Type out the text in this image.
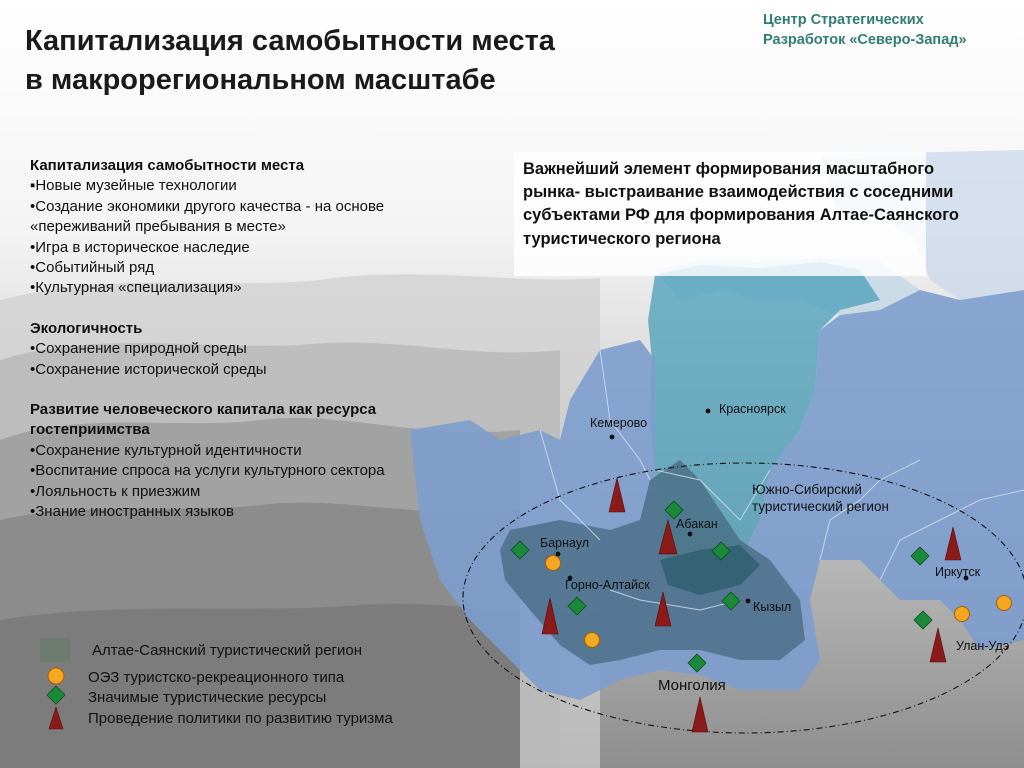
Красноярск
Кемерово
Абакан
Барнаул
Горно-Алтайск
Кызыл
Иркутск
Улан-Удэ
Южно-Сибирский
туристический регион
Монголия
Капитализация самобытности места
в макрорегиональном масштабе
Центр Стратегических
Разработок «Северо-Запад»
Капитализация самобытности места
▪Новые музейные технологии
•Создание экономики другого качества - на основе «переживаний пребывания в месте»
•Игра в историческое наследие
•Событийный ряд
•Культурная «специализация»
Экологичность
•Сохранение природной среды
•Сохранение исторической среды
Развитие человеческого капитала как ресурса гостеприимства
•Сохранение культурной идентичности
•Воспитание спроса на услуги культурного сектора
•Лояльность к приезжим
•Знание иностранных языков
Важнейший элемент формирования масштабного рынка- выстраивание взаимодействия с соседними субъектами РФ для формирования Алтае-Саянского туристического региона
Алтае-Саянский туристический регион
ОЭЗ туристско-рекреационного типа
Значимые туристические ресурсы
Проведение политики по развитию туризма
